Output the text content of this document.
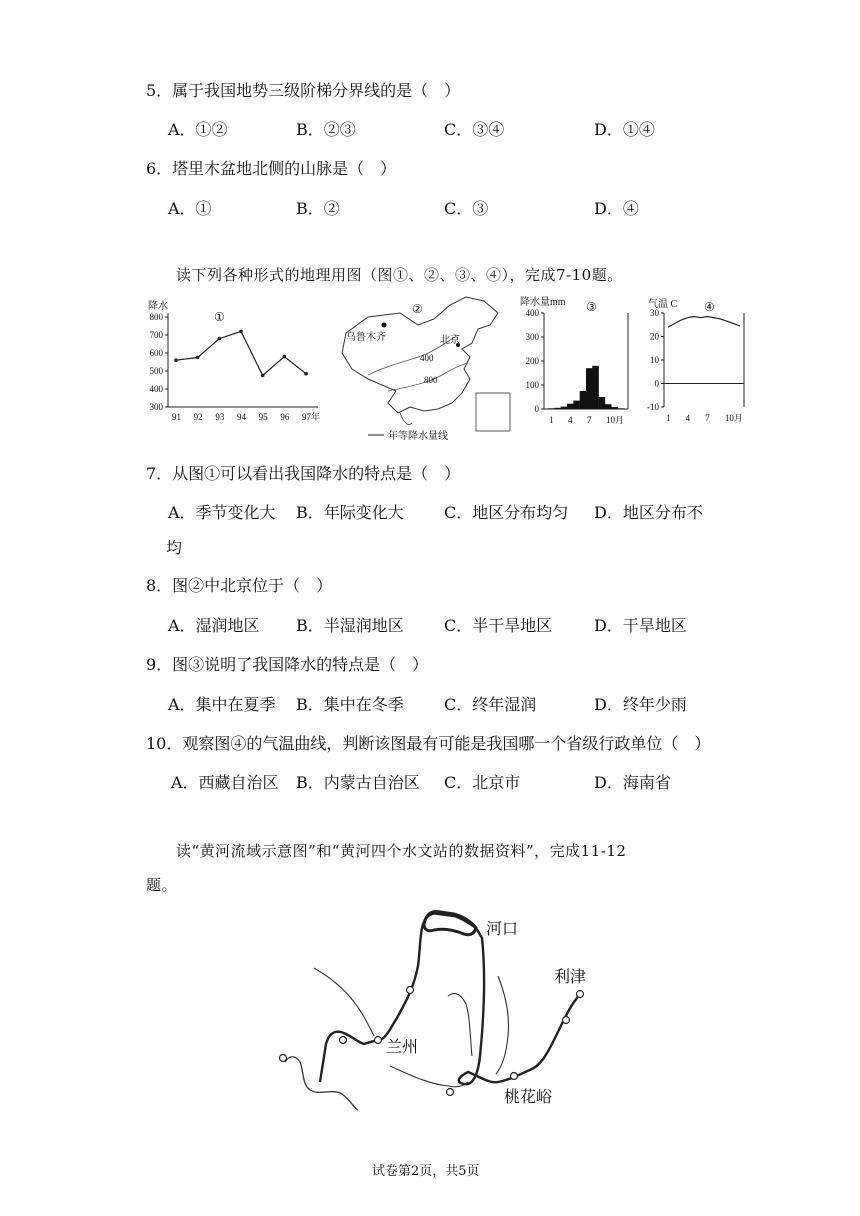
5．属于我国地势三级阶梯分界线的是（　）
A．①②	B．②③	C．③④	D．①④
6．塔里木盆地北侧的山脉是（　）
A．①	B．②	C．③	D．④
读下列各种形式的地理用图（图①、②、③、④），完成7-10题。
降水
①
800
700
600
500
400
300
91 92 93 94 95 96 97年
②
乌鲁木齐	北京
400
800
年等降水量线
降水量mm ③
400
300
200
100
0
1 4 7 10月
气温 C ④
30
20
10
0
-10
1 4 7 10月
7．从图①可以看出我国降水的特点是（　）
A．季节变化大 B．年际变化大	C．地区分布均匀 D．地区分布不
均
8．图②中北京位于（　）
A．湿润地区 B．半湿润地区	C．半干旱地区	D．干旱地区
9．图③说明了我国降水的特点是（　）
A．集中在夏季 B．集中在冬季	C．终年湿润	D．终年少雨
10．观察图④的气温曲线，判断该图最有可能是我国哪一个省级行政单位（　）
A．西藏自治区 B．内蒙古自治区 C．北京市	D．海南省
读“黄河流域示意图”和“黄河四个水文站的数据资料”，完成11-12
题。
河口
利津
兰州
桃花峪
试卷第2页，共5页
